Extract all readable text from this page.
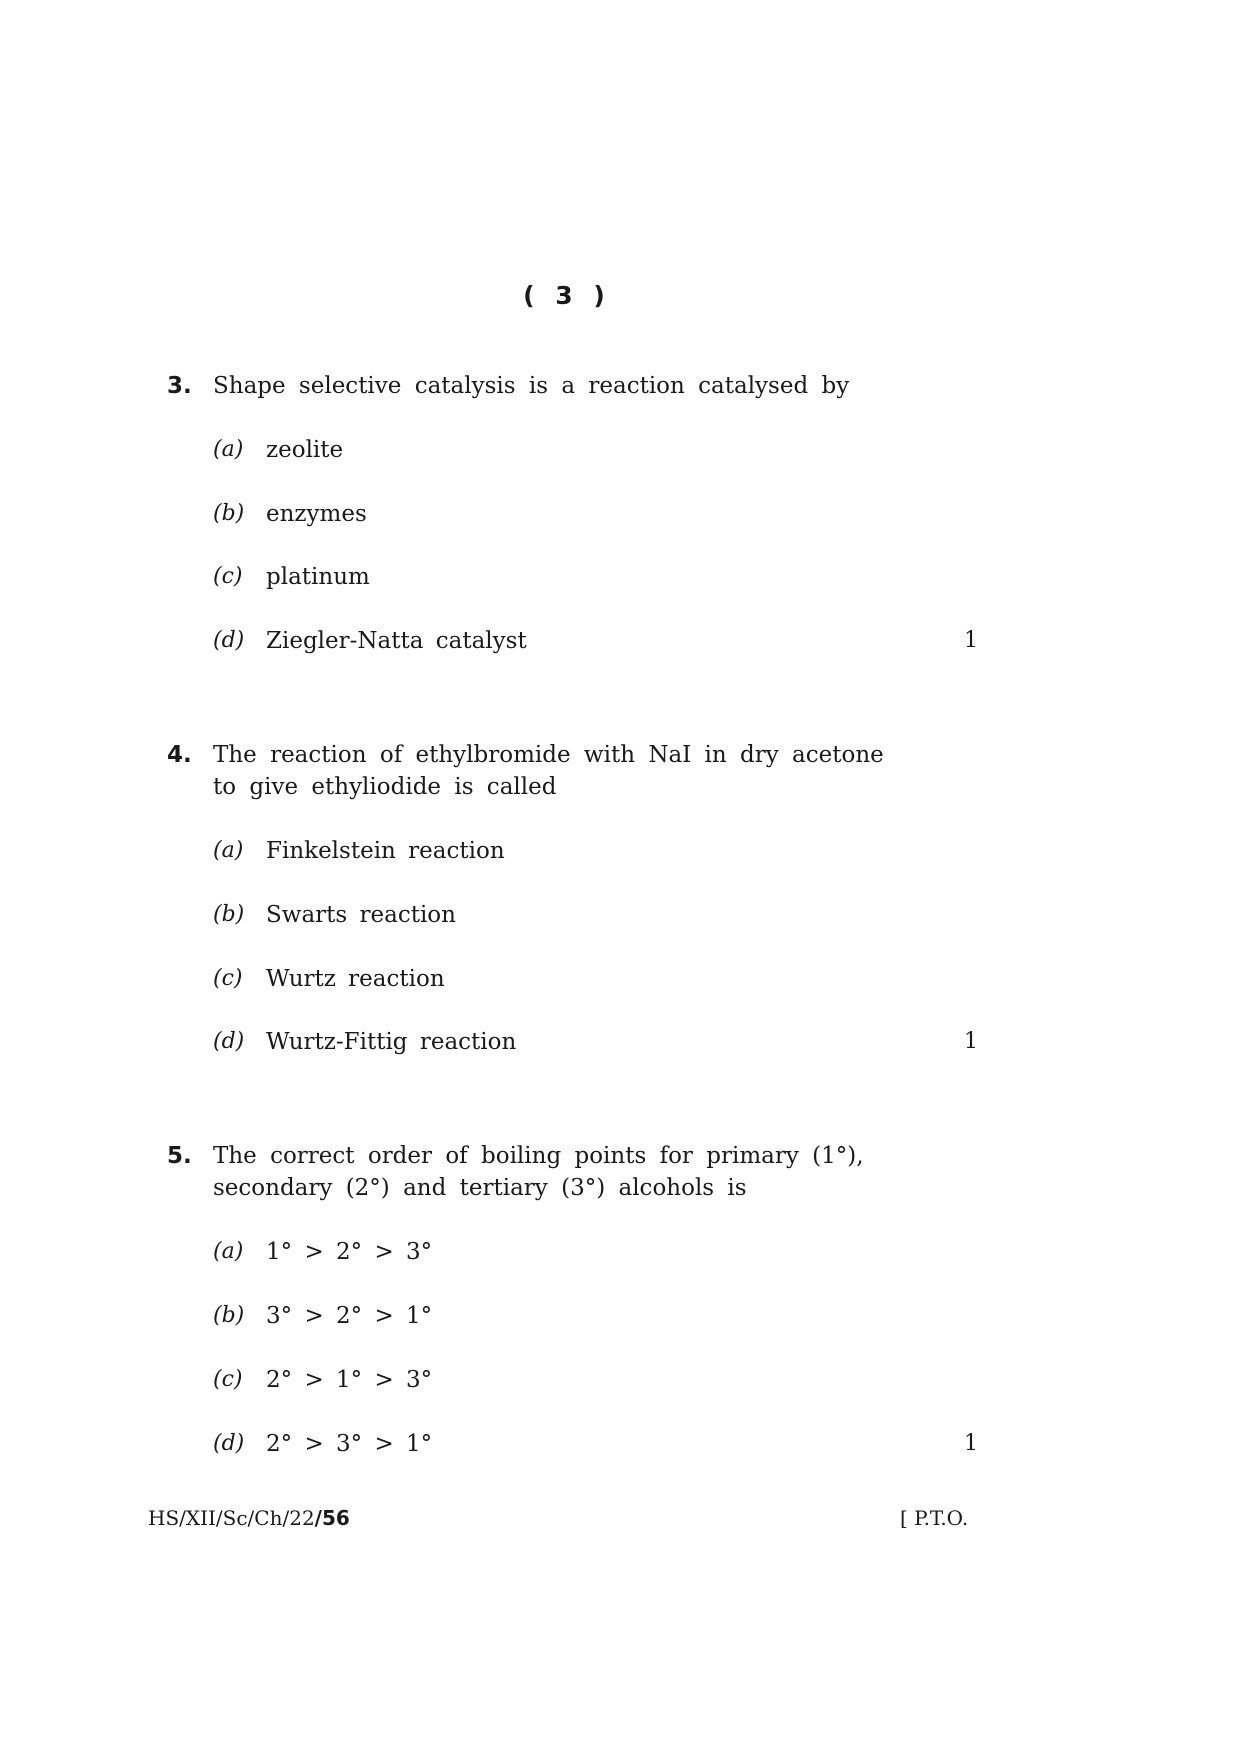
( 3 )
3. Shape selective catalysis is a reaction catalysed by
(a) zeolite
(b) enzymes
(c) platinum
(d) Ziegler-Natta catalyst	1
4. The reaction of ethylbromide with NaI in dry acetone
to give ethyliodide is called
(a) Finkelstein reaction
(b) Swarts reaction
(c) Wurtz reaction
(d) Wurtz-Fittig reaction	1
5. The correct order of boiling points for primary (1°),
secondary (2°) and tertiary (3°) alcohols is
(a) 1° > 2° > 3°
(b) 3° > 2° > 1°
(c) 2° > 1° > 3°
(d) 2° > 3° > 1°	1
HS/XII/Sc/Ch/22/56	[ P.T.O.
